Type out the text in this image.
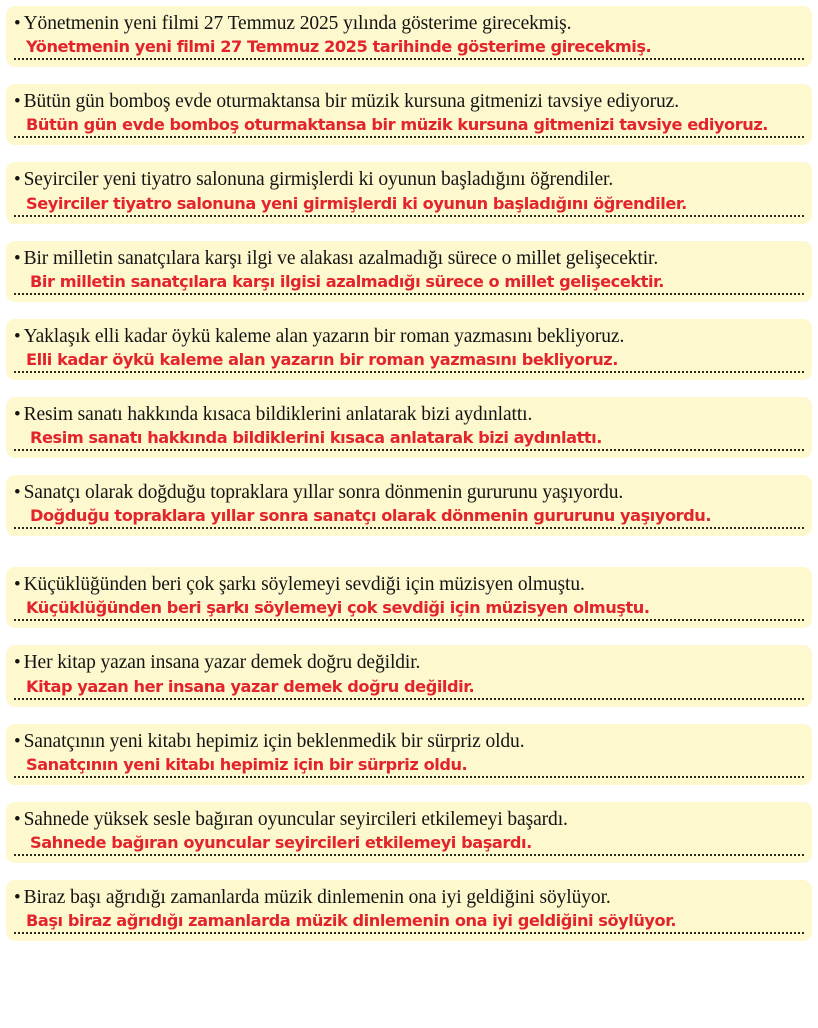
• Yönetmenin yeni filmi 27 Temmuz 2025 yılında gösterime girecekmiş.
Yönetmenin yeni filmi 27 Temmuz 2025 tarihinde gösterime girecekmiş.
• Bütün gün bomboş evde oturmaktansa bir müzik kursuna gitmenizi tavsiye ediyoruz.
Bütün gün evde bomboş oturmaktansa bir müzik kursuna gitmenizi tavsiye ediyoruz.
• Seyirciler yeni tiyatro salonuna girmişlerdi ki oyunun başladığını öğrendiler.
Seyirciler tiyatro salonuna yeni girmişlerdi ki oyunun başladığını öğrendiler.
• Bir milletin sanatçılara karşı ilgi ve alakası azalmadığı sürece o millet gelişecektir.
Bir milletin sanatçılara karşı ilgisi azalmadığı sürece o millet gelişecektir.
• Yaklaşık elli kadar öykü kaleme alan yazarın bir roman yazmasını bekliyoruz.
Elli kadar öykü kaleme alan yazarın bir roman yazmasını bekliyoruz.
• Resim sanatı hakkında kısaca bildiklerini anlatarak bizi aydınlattı.
Resim sanatı hakkında bildiklerini kısaca anlatarak bizi aydınlattı.
• Sanatçı olarak doğduğu topraklara yıllar sonra dönmenin gururunu yaşıyordu.
Doğduğu topraklara yıllar sonra sanatçı olarak dönmenin gururunu yaşıyordu.
• Küçüklüğünden beri çok şarkı söylemeyi sevdiği için müzisyen olmuştu.
Küçüklüğünden beri şarkı söylemeyi çok sevdiği için müzisyen olmuştu.
• Her kitap yazan insana yazar demek doğru değildir.
Kitap yazan her insana yazar demek doğru değildir.
• Sanatçının yeni kitabı hepimiz için beklenmedik bir sürpriz oldu.
Sanatçının yeni kitabı hepimiz için bir sürpriz oldu.
• Sahnede yüksek sesle bağıran oyuncular seyircileri etkilemeyi başardı.
Sahnede bağıran oyuncular seyircileri etkilemeyi başardı.
• Biraz başı ağrıdığı zamanlarda müzik dinlemenin ona iyi geldiğini söylüyor.
Başı biraz ağrıdığı zamanlarda müzik dinlemenin ona iyi geldiğini söylüyor.
